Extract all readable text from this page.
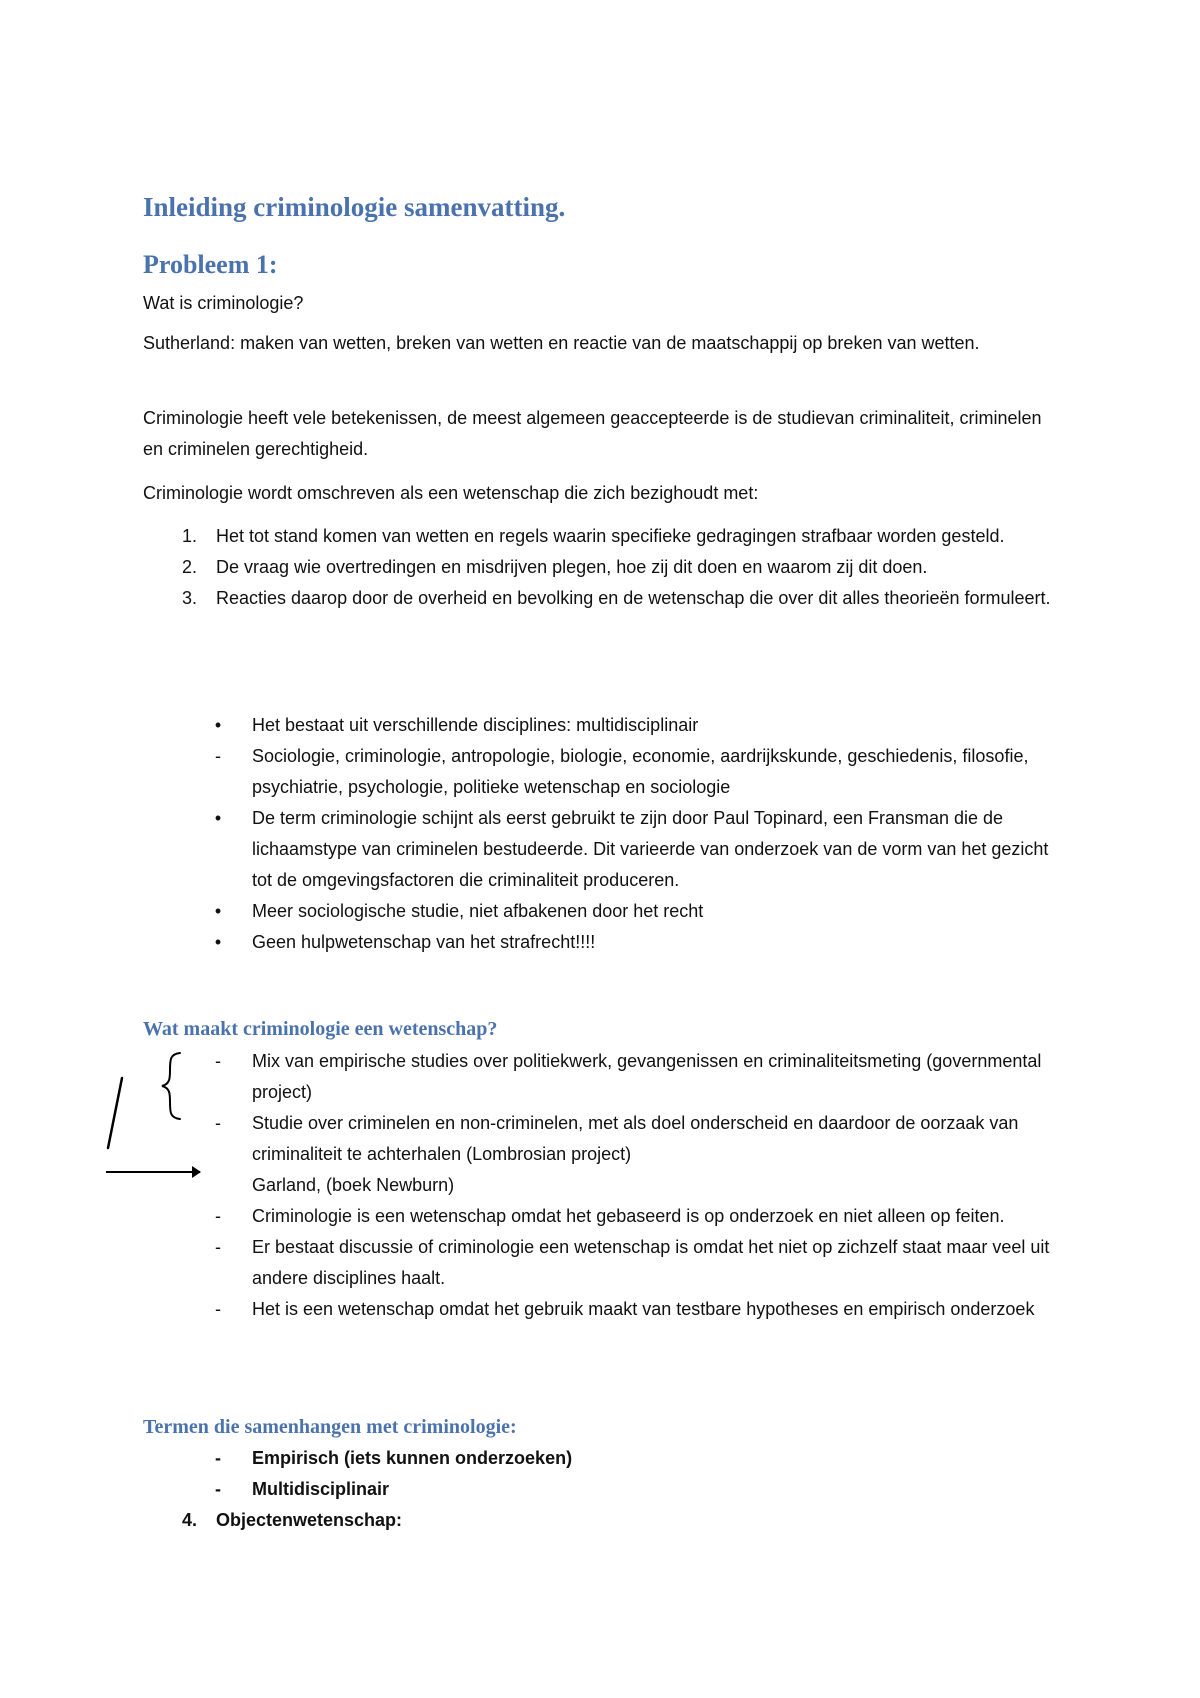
Inleiding criminologie samenvatting.
Probleem 1:

Wat is criminologie?

Sutherland: maken van wetten, breken van wetten en reactie van de maatschappij op breken van wetten.

Criminologie heeft vele betekenissen, de meest algemeen geaccepteerde is de studievan criminaliteit, criminelen en criminelen gerechtigheid.

Criminologie wordt omschreven als een wetenschap die zich bezighoudt met:

1. Het tot stand komen van wetten en regels waarin specifieke gedragingen strafbaar worden gesteld.
2. De vraag wie overtredingen en misdrijven plegen, hoe zij dit doen en waarom zij dit doen.
3. Reacties daarop door de overheid en bevolking en de wetenschap die over dit alles theorieën formuleert.
• Het bestaat uit verschillende disciplines: multidisciplinair
- Sociologie, criminologie, antropologie, biologie, economie, aardrijkskunde, geschiedenis, filosofie, psychiatrie, psychologie, politieke wetenschap en sociologie
• De term criminologie schijnt als eerst gebruikt te zijn door Paul Topinard, een Fransman die de lichaamstype van criminelen bestudeerde. Dit varieerde van onderzoek van de vorm van het gezicht tot de omgevingsfactoren die criminaliteit produceren.
• Meer sociologische studie, niet afbakenen door het recht
• Geen hulpwetenschap van het strafrecht!!!!
Wat maakt criminologie een wetenschap?
- Mix van empirische studies over politiekwerk, gevangenissen en criminaliteitsmeting (governmental project)
- Studie over criminelen en non-criminelen, met als doel onderscheid en daardoor de oorzaak van criminaliteit te achterhalen (Lombrosian project)
Garland, (boek Newburn)
- Criminologie is een wetenschap omdat het gebaseerd is op onderzoek en niet alleen op feiten.
- Er bestaat discussie of criminologie een wetenschap is omdat het niet op zichzelf staat maar veel uit andere disciplines haalt.
- Het is een wetenschap omdat het gebruik maakt van testbare hypotheses en empirisch onderzoek
Termen die samenhangen met criminologie:
- Empirisch (iets kunnen onderzoeken)
- Multidisciplinair
4. Objectenwetenschap:
